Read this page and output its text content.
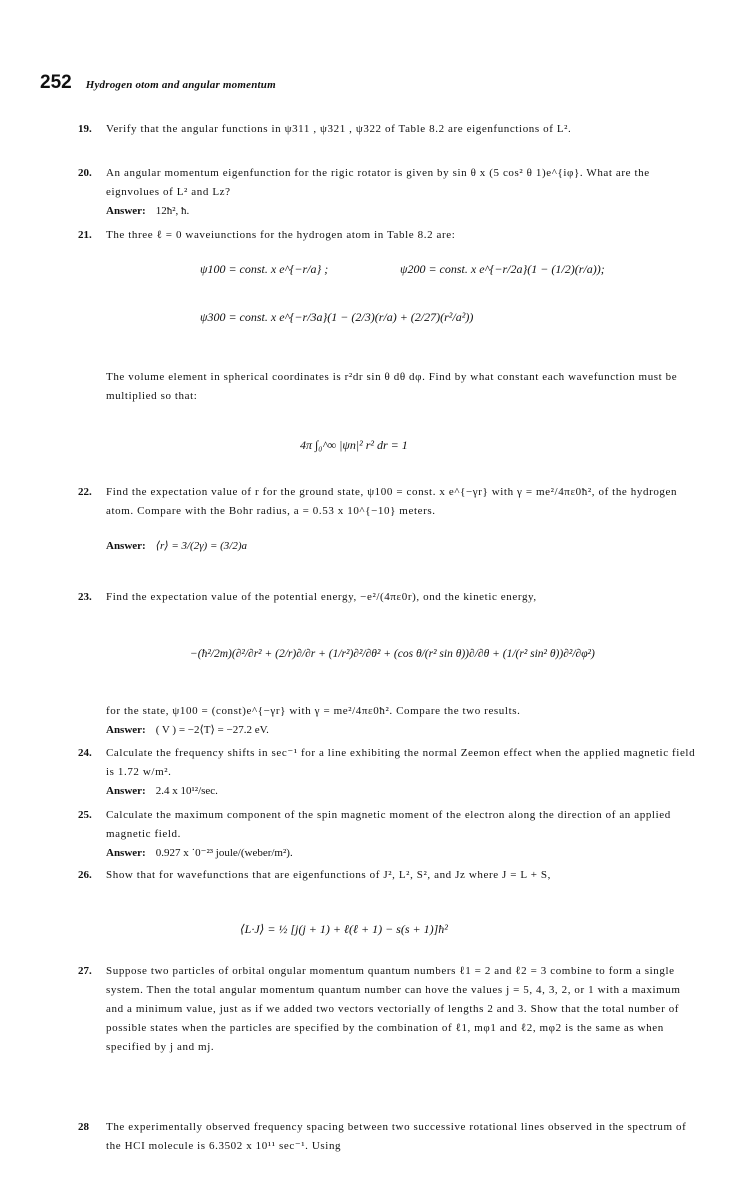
252 Hydrogen otom and angular momentum
19. Verify that the angular functions in ψ311 , ψ321 , ψ322 of Table 8.2 are eigenfunctions of L².

20. An angular momentum eigenfunction for the rigic rotator is given by sin θ x (5 cos² θ 1)e^{iφ}. What are the eignvolues of L² and Lz?

Answer: 12ħ², ħ.
21. The three ℓ = 0 waveiunctions for the hydrogen atom in Table 8.2 are:

ψ100 = const. x e^{−r/a} ;	ψ200 = const. x e^{−r/2a}(1 − (1/2)(r/a));
ψ300 = const. x e^{−r/3a}(1 − (2/3)(r/a) + (2/27)(r²/a²))

The volume element in spherical coordinates is r²dr sin θ dθ dφ. Find by what constant each wavefunction must be multiplied so that:

4π ∫₀^∞ |ψn|² r² dr = 1
22. Find the expectation value of r for the ground state, ψ100 = const. x e^{−γr} with γ = me²/4πε0ħ², of the hydrogen atom. Compare with the Bohr radius, a = 0.53 x 10^{−10} meters.

Answer: ⟨r⟩ = 3/(2γ) = (3/2)a
23. Find the expectation value of the potential energy, −e²/(4πε0r), ond the kinetic energy,

−(ħ²/2m)(∂²/∂r² + (2/r)∂/∂r + (1/r²)∂²/∂θ² + (cos θ/(r² sin θ))∂/∂θ + (1/(r² sin² θ))∂²/∂φ²)

for the state, ψ100 = (const)e^{−γr} with γ = me²/4πε0ħ². Compare the two results.

Answer: ( V ) = −2⟨T⟩ = −27.2 eV.
24. Calculate the frequency shifts in sec⁻¹ for a line exhibiting the normal Zeemon effect when the applied magnetic field is 1.72 w/m².

Answer: 2.4 x 10¹²/sec.
25. Calculate the maximum component of the spin magnetic moment of the electron along the direction of an applied magnetic field.

Answer: 0.927 x ˙0⁻²³ joule/(weber/m²).
26. Show that for wavefunctions that are eigenfunctions of J², L², S², and Jz where J = L + S,

⟨L·J⟩ = ½ [j(j + 1) + ℓ(ℓ + 1) − s(s + 1)]ħ²
27. Suppose two particles of orbital ongular momentum quantum numbers ℓ1 = 2 and ℓ2 = 3 combine to form a single system. Then the total angular momentum quantum number can hove the values j = 5, 4, 3, 2, or 1 with a maximum and a minimum value, just as if we added two vectors vectorially of lengths 2 and 3. Show that the total number of possible states when the particles are specified by the combination of ℓ1, mφ1 and ℓ2, mφ2 is the same as when specified by j and mj.

28 The experimentally observed frequency spacing between two successive rotational lines observed in the spectrum of the HCI molecule is 6.3502 x 10¹¹ sec⁻¹. Using
